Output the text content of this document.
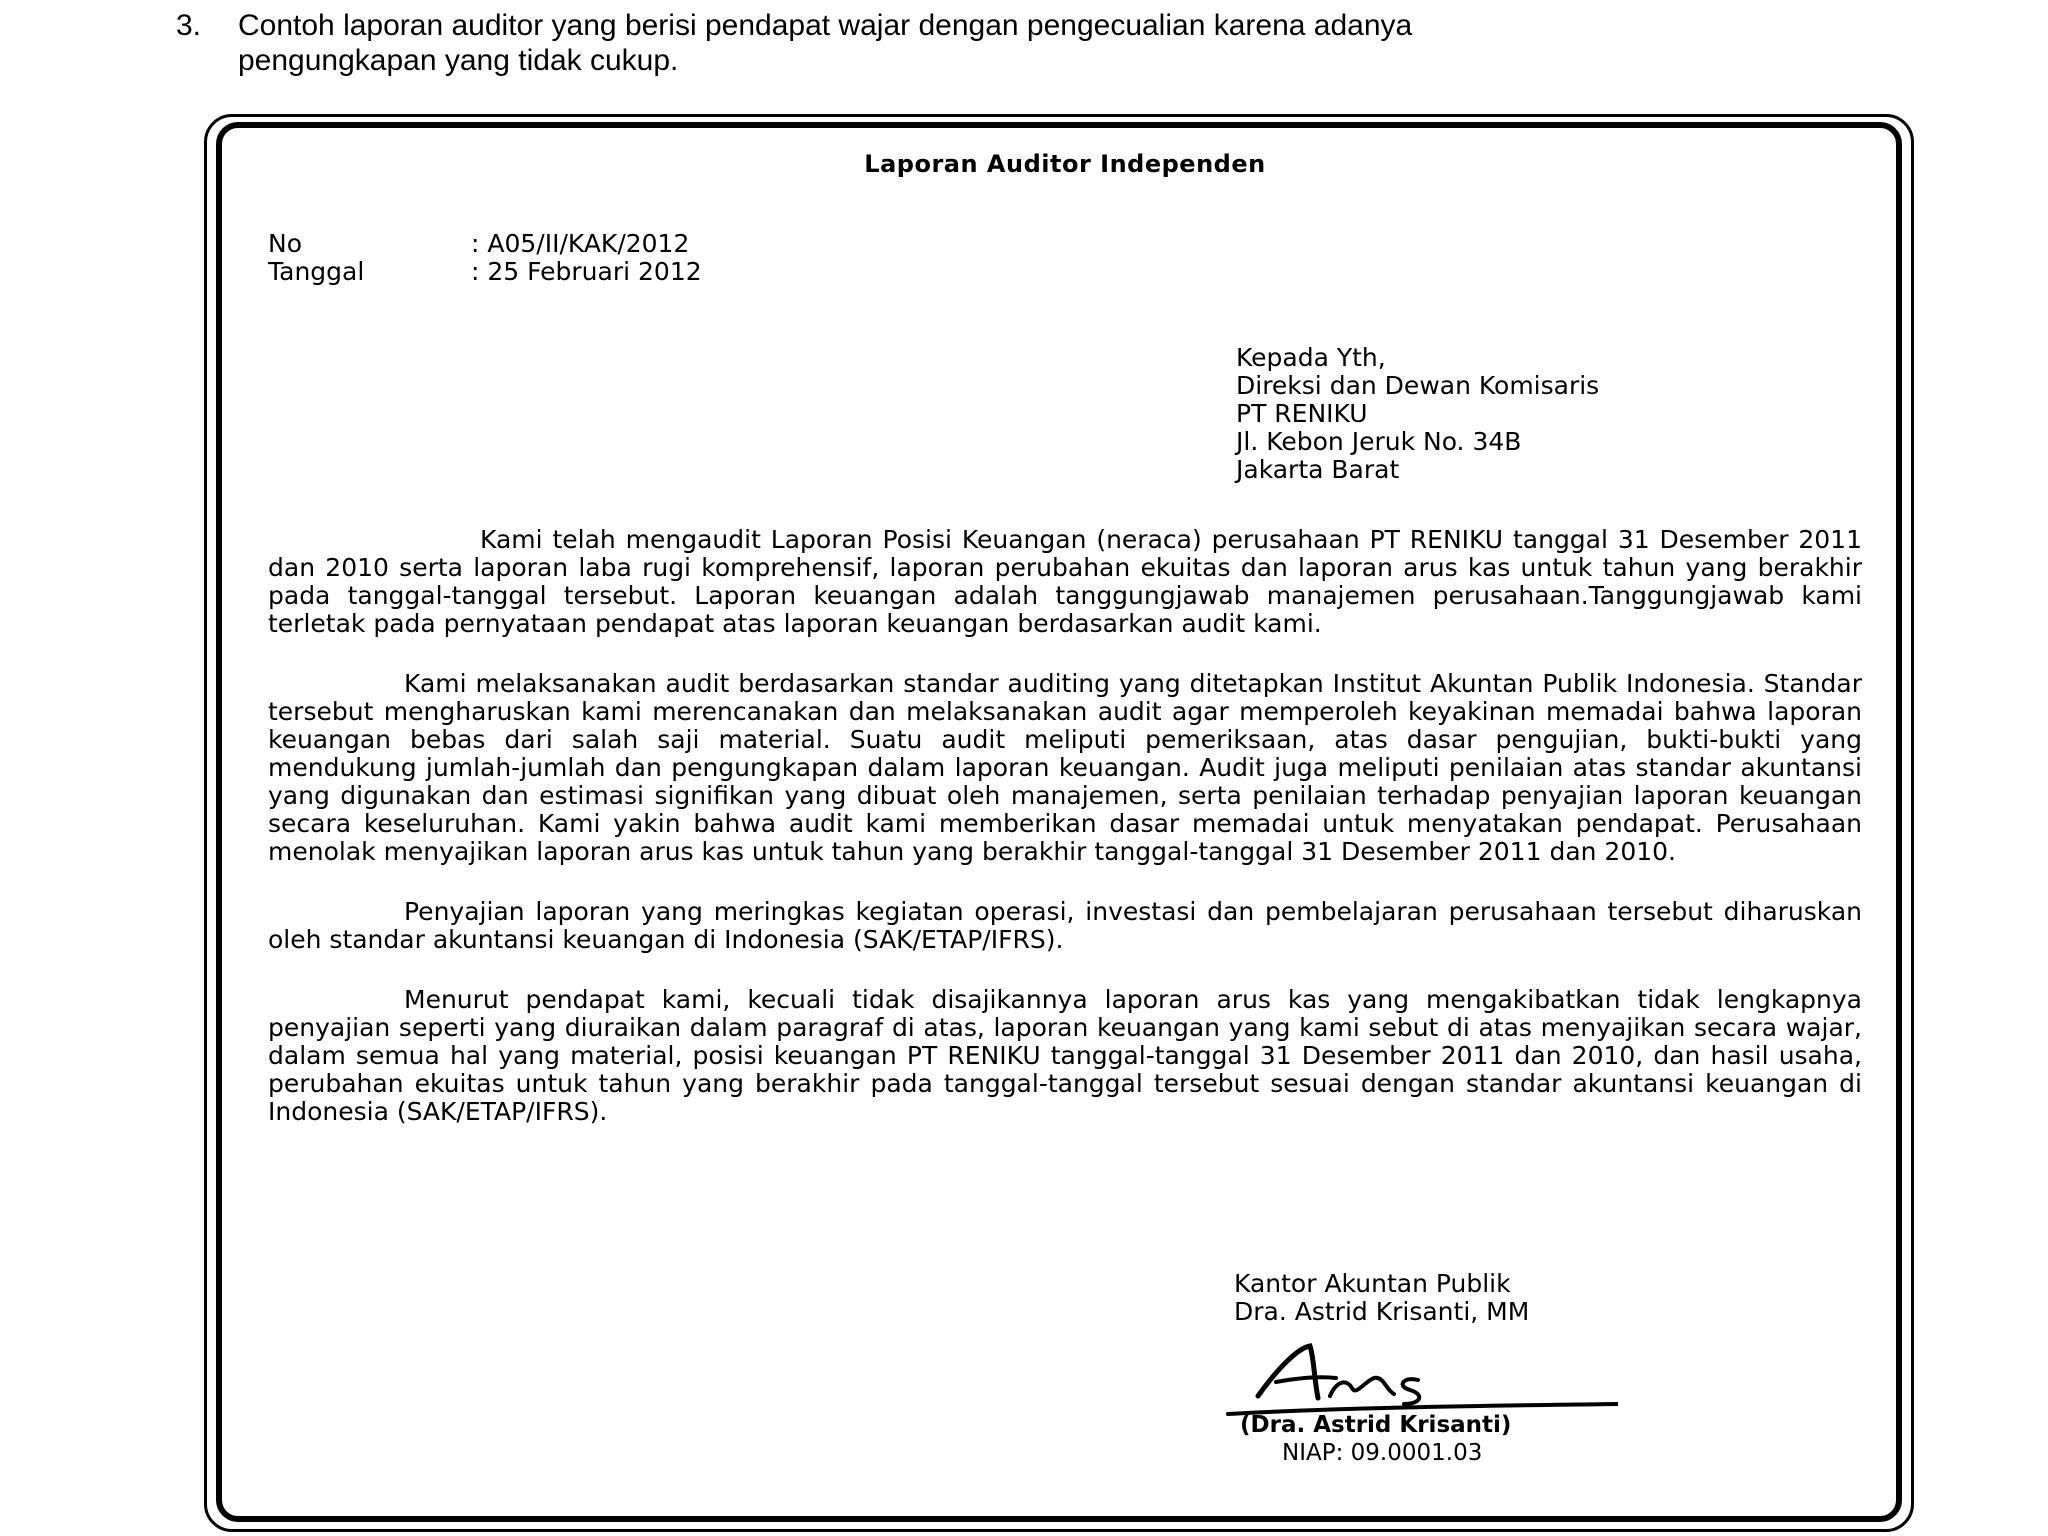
3. Contoh laporan auditor yang berisi pendapat wajar dengan pengecualian karena adanya
pengungkapan yang tidak cukup.
Laporan Auditor Independen
No	: A05/II/KAK/2012
Tanggal	: 25 Februari 2012
Kepada Yth,
Direksi dan Dewan Komisaris
PT RENIKU
Jl. Kebon Jeruk No. 34B
Jakarta Barat

Kami telah mengaudit Laporan Posisi Keuangan (neraca) perusahaan PT RENIKU tanggal 31 Desember 2011 dan 2010 serta laporan laba rugi komprehensif, laporan perubahan ekuitas dan laporan arus kas untuk tahun yang berakhir pada tanggal-tanggal tersebut. Laporan keuangan adalah tanggungjawab manajemen perusahaan.Tanggungjawab kami terletak pada pernyataan pendapat atas laporan keuangan berdasarkan audit kami.

Kami melaksanakan audit berdasarkan standar auditing yang ditetapkan Institut Akuntan Publik Indonesia. Standar tersebut mengharuskan kami merencanakan dan melaksanakan audit agar memperoleh keyakinan memadai bahwa laporan keuangan bebas dari salah saji material. Suatu audit meliputi pemeriksaan, atas dasar pengujian, bukti-bukti yang mendukung jumlah-jumlah dan pengungkapan dalam laporan keuangan. Audit juga meliputi penilaian atas standar akuntansi yang digunakan dan estimasi signifikan yang dibuat oleh manajemen, serta penilaian terhadap penyajian laporan keuangan secara keseluruhan. Kami yakin bahwa audit kami memberikan dasar memadai untuk menyatakan pendapat. Perusahaan menolak menyajikan laporan arus kas untuk tahun yang berakhir tanggal-tanggal 31 Desember 2011 dan 2010.

Penyajian laporan yang meringkas kegiatan operasi, investasi dan pembelajaran perusahaan tersebut diharuskan oleh standar akuntansi keuangan di Indonesia (SAK/ETAP/IFRS).

Menurut pendapat kami, kecuali tidak disajikannya laporan arus kas yang mengakibatkan tidak lengkapnya penyajian seperti yang diuraikan dalam paragraf di atas, laporan keuangan yang kami sebut di atas menyajikan secara wajar, dalam semua hal yang material, posisi keuangan PT RENIKU tanggal-tanggal 31 Desember 2011 dan 2010, dan hasil usaha, perubahan ekuitas untuk tahun yang berakhir pada tanggal-tanggal tersebut sesuai dengan standar akuntansi keuangan di Indonesia (SAK/ETAP/IFRS).

Kantor Akuntan Publik
Dra. Astrid Krisanti, MM
(Dra. Astrid Krisanti)
NIAP: 09.0001.03
